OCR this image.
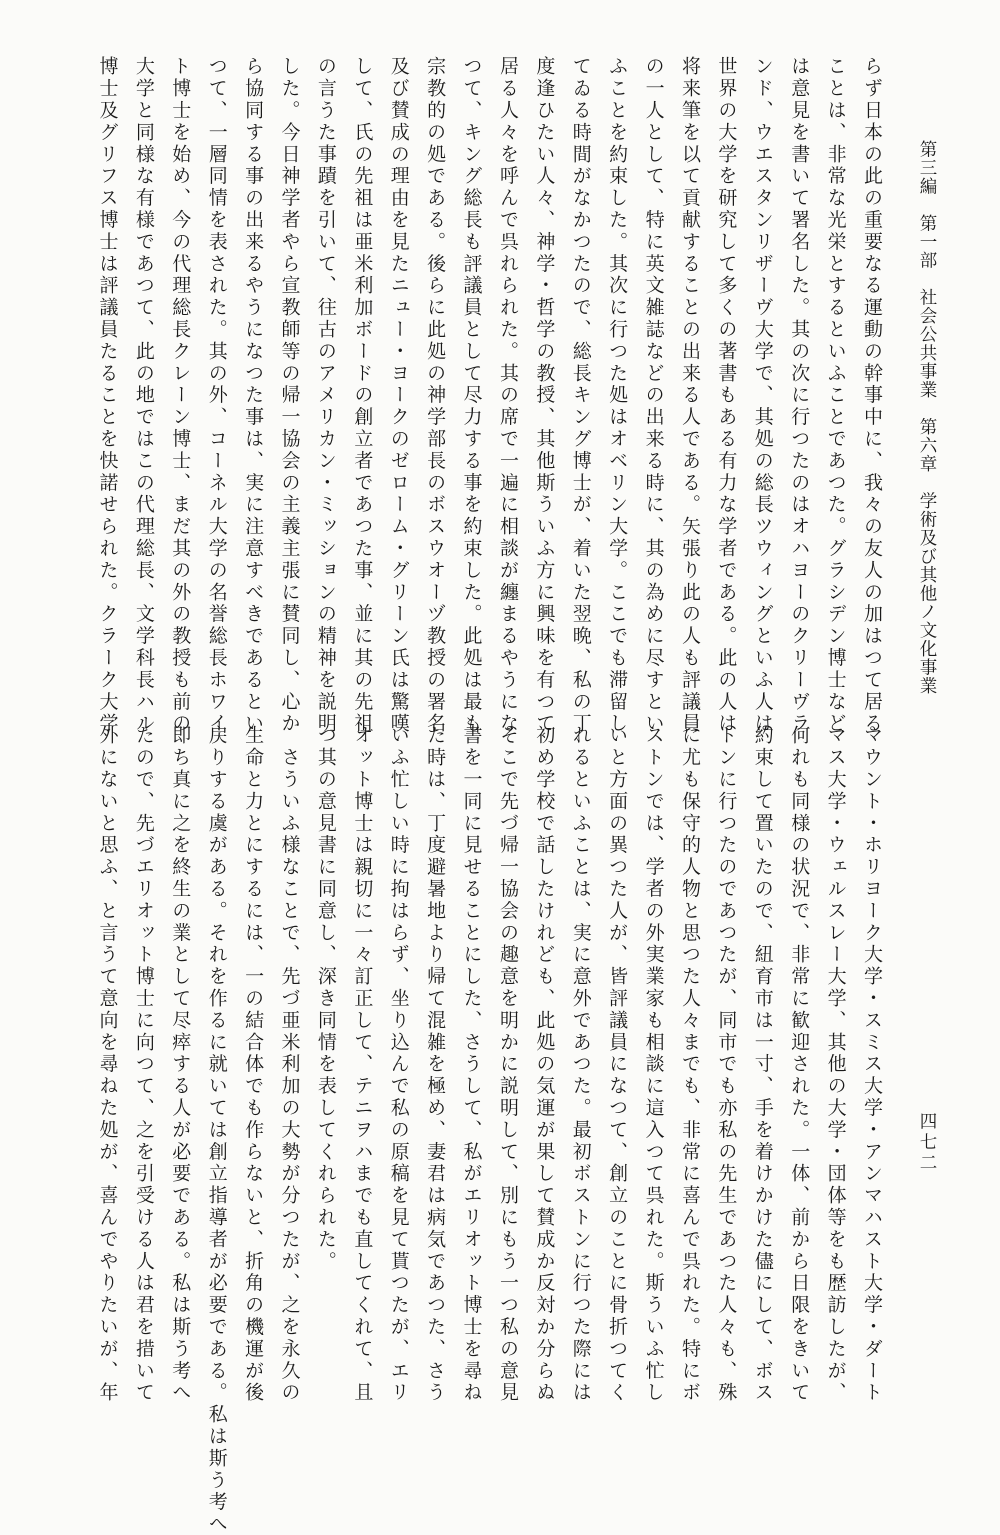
第三編　第一部　社会公共事業　第六章　学術及び其他ノ文化事業
四七二
らず日本の此の重要なる運動の幹事中に、我々の友人の加はつて居る
ことは、非常な光栄とするといふことであつた。グラシデン博士など
は意見を書いて署名した。其の次に行つたのはオハヨーのクリーヴラ
ンド、ウエスタンリザーヴ大学で、其処の総長ツウィングといふ人は
世界の大学を研究して多くの著書もある有力な学者である。此の人は
将来筆を以て貢献することの出来る人である。矢張り此の人も評議員
の一人として、特に英文雑誌などの出来る時に、其の為めに尽すとい
ふことを約束した。其次に行つた処はオベリン大学。ここでも滞留し
てゐる時間がなかつたので、総長キング博士が、着いた翌晩、私の丁
度逢ひたい人々、神学・哲学の教授、其他斯ういふ方に興味を有つて
居る人々を呼んで呉れられた。其の席で一遍に相談が纏まるやうにな
つて、キング総長も評議員として尽力する事を約束した。此処は最も
宗教的の処である。後らに此処の神学部長のボスウオーヅ教授の署名
及び賛成の理由を見たニュー・ヨークのゼローム・グリーン氏は驚嘆
して、氏の先祖は亜米利加ボードの創立者であつた事、並に其の先祖
の言うた事蹟を引いて、往古のアメリカン・ミッションの精神を説明
した。今日神学者やら宣教師等の帰一協会の主義主張に賛同し、心か
ら協同する事の出来るやうになつた事は、実に注意すべきであるとい
つて、一層同情を表された。其の外、コーネル大学の名誉総長ホワイ
ト博士を始め、今の代理総長クレーン博士、まだ其の外の教授も前の
大学と同様な有様であつて、此の地ではこの代理総長、文学科長ハル
博士及グリフス博士は評議員たることを快諾せられた。クラーク大学
マウント・ホリヨーク大学・スミス大学・アンマハスト大学・ダート
マス大学・ウェルスレー大学、其他の大学・団体等をも歴訪したが、
何れも同様の状況で、非常に歓迎された。一体、前から日限をきいて
約束して置いたので、紐育市は一寸、手を着けかけた儘にして、ボス
トンに行つたのであつたが、同市でも亦私の先生であつた人々も、殊
に尤も保守的人物と思つた人々までも、非常に喜んで呉れた。特にボ
ストンでは、学者の外実業家も相談に這入つて呉れた。斯ういふ忙し
いと方面の異つた人が、皆評議員になつて、創立のことに骨折つてく
れるといふことは、実に意外であつた。最初ボストンに行つた際には
初め学校で話したけれども、此処の気運が果して賛成か反対か分らぬ
そこで先づ帰一協会の趣意を明かに説明して、別にもう一つ私の意見
書を一同に見せることにした、さうして、私がエリオット博士を尋ね
た時は、丁度避暑地より帰て混雑を極め、妻君は病気であつた、さう
いふ忙しい時に拘はらず、坐り込んで私の原稿を見て貰つたが、エリ
オット博士は親切に一々訂正して、テニヲハまでも直してくれて、且
つ其の意見書に同意し、深き同情を表してくれられた。
　さういふ様なことで、先づ亜米利加の大勢が分つたが、之を永久の
生命と力とにするには、一の結合体でも作らないと、折角の機運が後
戻りする虞がある。それを作るに就いては創立指導者が必要である。私は斯う考へ
即ち真に之を終生の業として尽瘁する人が必要である。私は斯う考へ
たので、先づエリオット博士に向つて、之を引受ける人は君を措いて
外にないと思ふ、と言うて意向を尋ねた処が、喜んでやりたいが、年
